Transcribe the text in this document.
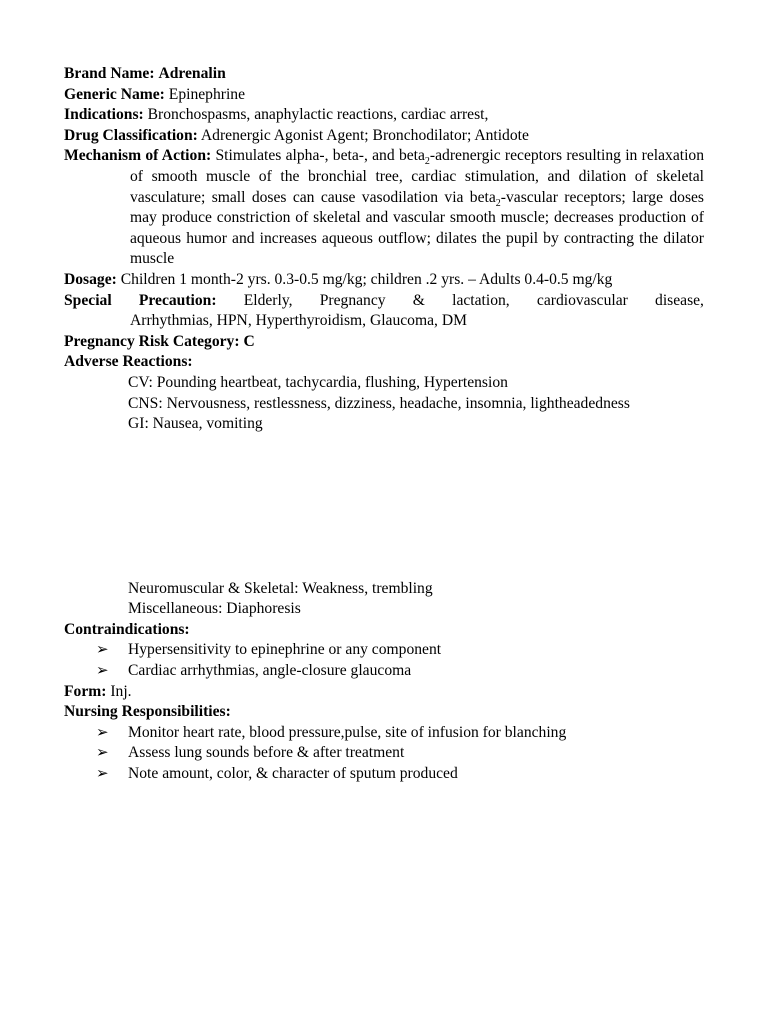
Brand Name: Adrenalin
Generic Name: Epinephrine
Indications: Bronchospasms, anaphylactic reactions, cardiac arrest,
Drug Classification: Adrenergic Agonist Agent; Bronchodilator; Antidote
Mechanism of Action: Stimulates alpha-, beta-, and beta$_2$-adrenergic receptors resulting in relaxation of smooth muscle of the bronchial tree, cardiac stimulation, and dilation of skeletal vasculature; small doses can cause vasodilation via beta$_2$-vascular receptors; large doses may produce constriction of skeletal and vascular smooth muscle; decreases production of aqueous humor and increases aqueous outflow; dilates the pupil by contracting the dilator muscle
Dosage: Children 1 month-2 yrs. 0.3-0.5 mg/kg; children .2 yrs. – Adults 0.4-0.5 mg/kg
Special Precaution: Elderly, Pregnancy & lactation, cardiovascular disease,
Arrhythmias, HPN, Hyperthyroidism, Glaucoma, DM
Pregnancy Risk Category: C
Adverse Reactions:
CV: Pounding heartbeat, tachycardia, flushing, Hypertension
CNS: Nervousness, restlessness, dizziness, headache, insomnia, lightheadedness
GI: Nausea, vomiting
Neuromuscular & Skeletal: Weakness, trembling
Miscellaneous: Diaphoresis
Contraindications:
➢ Hypersensitivity to epinephrine or any component
➢ Cardiac arrhythmias, angle-closure glaucoma
Form: Inj.
Nursing Responsibilities:
➢ Monitor heart rate, blood pressure,pulse, site of infusion for blanching
➢ Assess lung sounds before & after treatment
➢ Note amount, color, & character of sputum produced
